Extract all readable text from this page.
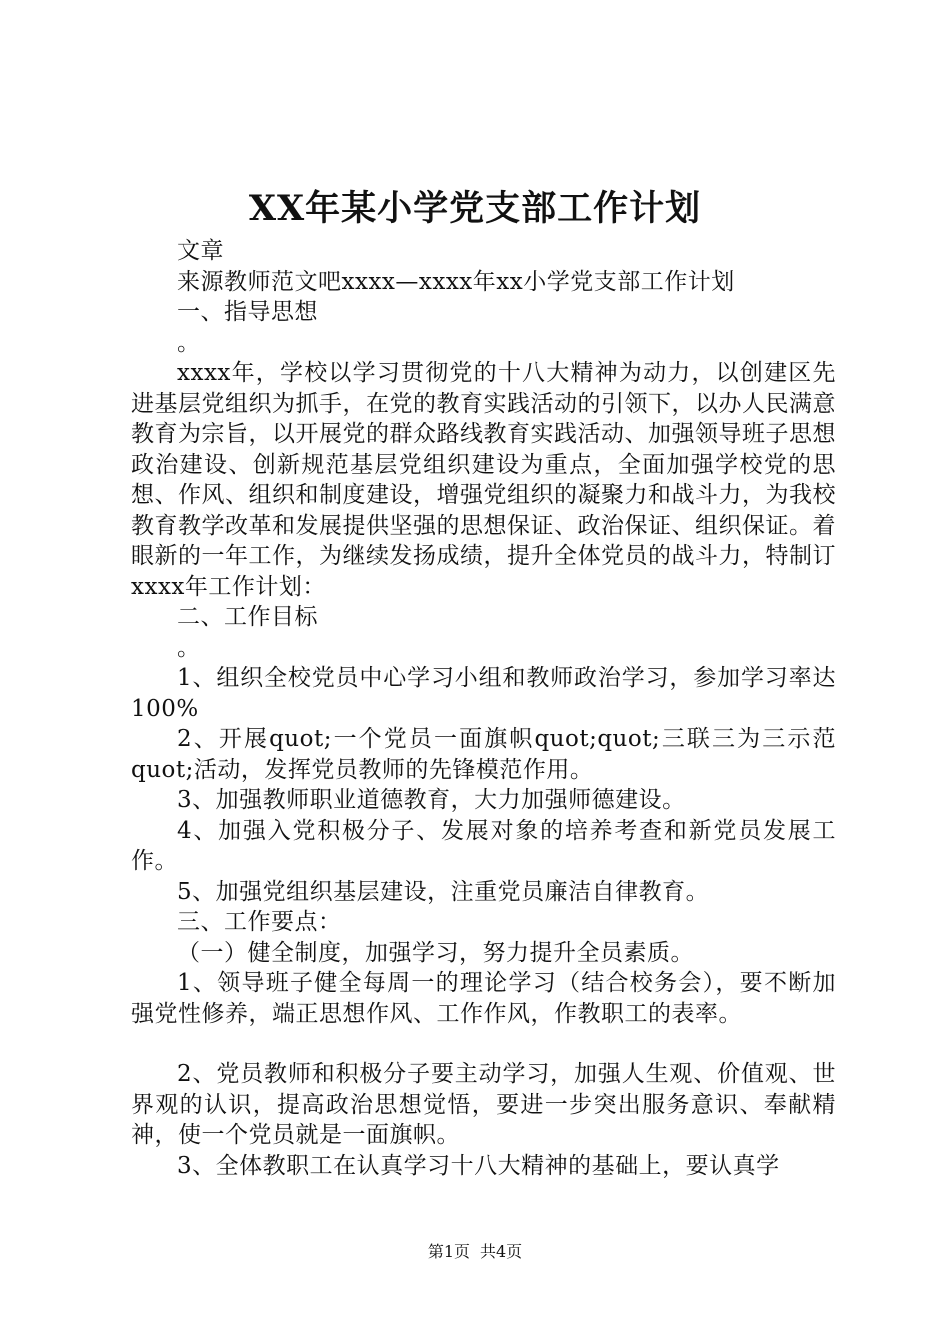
XX年某小学党支部工作计划

文章

来源教师范文吧xxxx—xxxx年xx小学党支部工作计划

一、指导思想

。

xxxx年，学校以学习贯彻党的十八大精神为动力，以创建区先进基层党组织为抓手，在党的教育实践活动的引领下，以办人民满意教育为宗旨，以开展党的群众路线教育实践活动、加强领导班子思想政治建设、创新规范基层党组织建设为重点，全面加强学校党的思想、作风、组织和制度建设，增强党组织的凝聚力和战斗力，为我校教育教学改革和发展提供坚强的思想保证、政治保证、组织保证。着眼新的一年工作，为继续发扬成绩，提升全体党员的战斗力，特制订xxxx年工作计划：

二、工作目标

。

1、组织全校党员中心学习小组和教师政治学习，参加学习率达100%

2、开展quot;一个党员一面旗帜quot;quot;三联三为三示范quot;活动，发挥党员教师的先锋模范作用。

3、加强教师职业道德教育，大力加强师德建设。

4、加强入党积极分子、发展对象的培养考查和新党员发展工作。

5、加强党组织基层建设，注重党员廉洁自律教育。

三、工作要点：

（一）健全制度，加强学习，努力提升全员素质。

1、领导班子健全每周一的理论学习（结合校务会），要不断加强党性修养，端正思想作风、工作作风，作教职工的表率。

2、党员教师和积极分子要主动学习，加强人生观、价值观、世界观的认识，提高政治思想觉悟，要进一步突出服务意识、奉献精神，使一个党员就是一面旗帜。

3、全体教职工在认真学习十八大精神的基础上，要认真学

第1页 共4页
